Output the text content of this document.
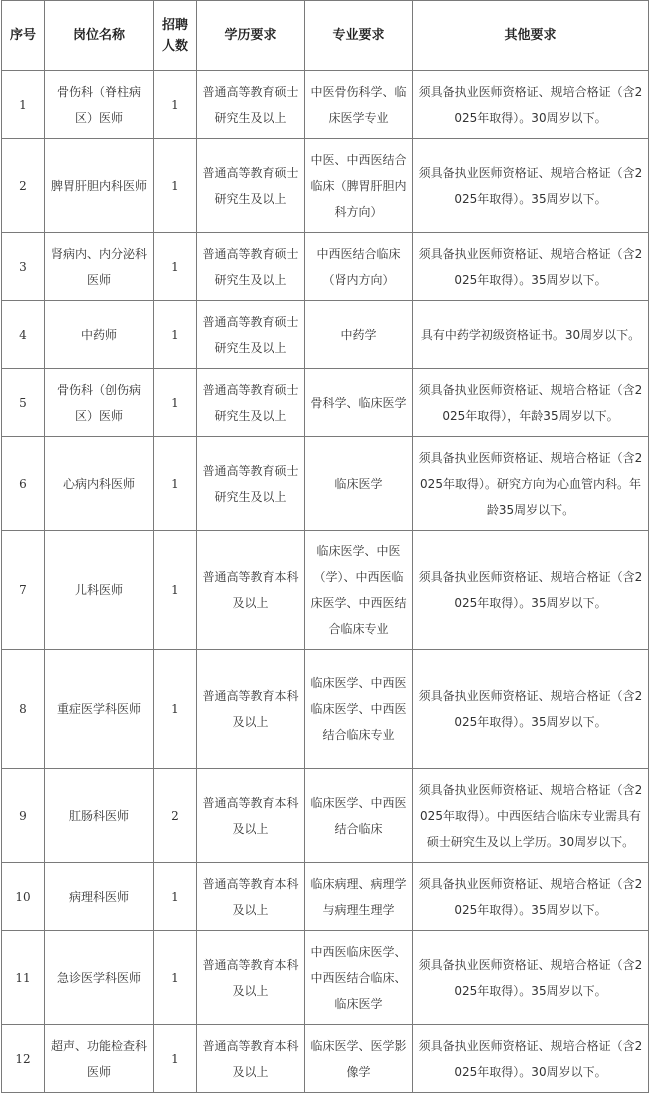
序号	岗位名称	招聘人数	学历要求	专业要求	其他要求
1	骨伤科（脊柱病区）医师	1	普通高等教育硕士研究生及以上	中医骨伤科学、临床医学专业	须具备执业医师资格证、规培合格证（含2025年取得）。30周岁以下。
2	脾胃肝胆内科医师	1	普通高等教育硕士研究生及以上	中医、中西医结合临床（脾胃肝胆内科方向）	须具备执业医师资格证、规培合格证（含2025年取得）。35周岁以下。
3	肾病内、内分泌科医师	1	普通高等教育硕士研究生及以上	中西医结合临床（肾内方向）	须具备执业医师资格证、规培合格证（含2025年取得）。35周岁以下。
4	中药师	1	普通高等教育硕士研究生及以上	中药学	具有中药学初级资格证书。30周岁以下。
5	骨伤科（创伤病区）医师	1	普通高等教育硕士研究生及以上	骨科学、临床医学	须具备执业医师资格证、规培合格证（含2025年取得），年龄35周岁以下。
6	心病内科医师	1	普通高等教育硕士研究生及以上	临床医学	须具备执业医师资格证、规培合格证（含2025年取得）。研究方向为心血管内科。年龄35周岁以下。
7	儿科医师	1	普通高等教育本科及以上	临床医学、中医（学）、中西医临床医学、中西医结合临床专业	须具备执业医师资格证、规培合格证（含2025年取得）。35周岁以下。
8	重症医学科医师	1	普通高等教育本科及以上	临床医学、中西医临床医学、中西医结合临床专业	须具备执业医师资格证、规培合格证（含2025年取得）。35周岁以下。
9	肛肠科医师	2	普通高等教育本科及以上	临床医学、中西医结合临床	须具备执业医师资格证、规培合格证（含2025年取得）。中西医结合临床专业需具有硕士研究生及以上学历。30周岁以下。
10	病理科医师	1	普通高等教育本科及以上	临床病理、病理学与病理生理学	须具备执业医师资格证、规培合格证（含2025年取得）。35周岁以下。
11	急诊医学科医师	1	普通高等教育本科及以上	中西医临床医学、中西医结合临床、临床医学	须具备执业医师资格证、规培合格证（含2025年取得）。35周岁以下。
12	超声、功能检查科医师	1	普通高等教育本科及以上	临床医学、医学影像学	须具备执业医师资格证、规培合格证（含2025年取得）。30周岁以下。
